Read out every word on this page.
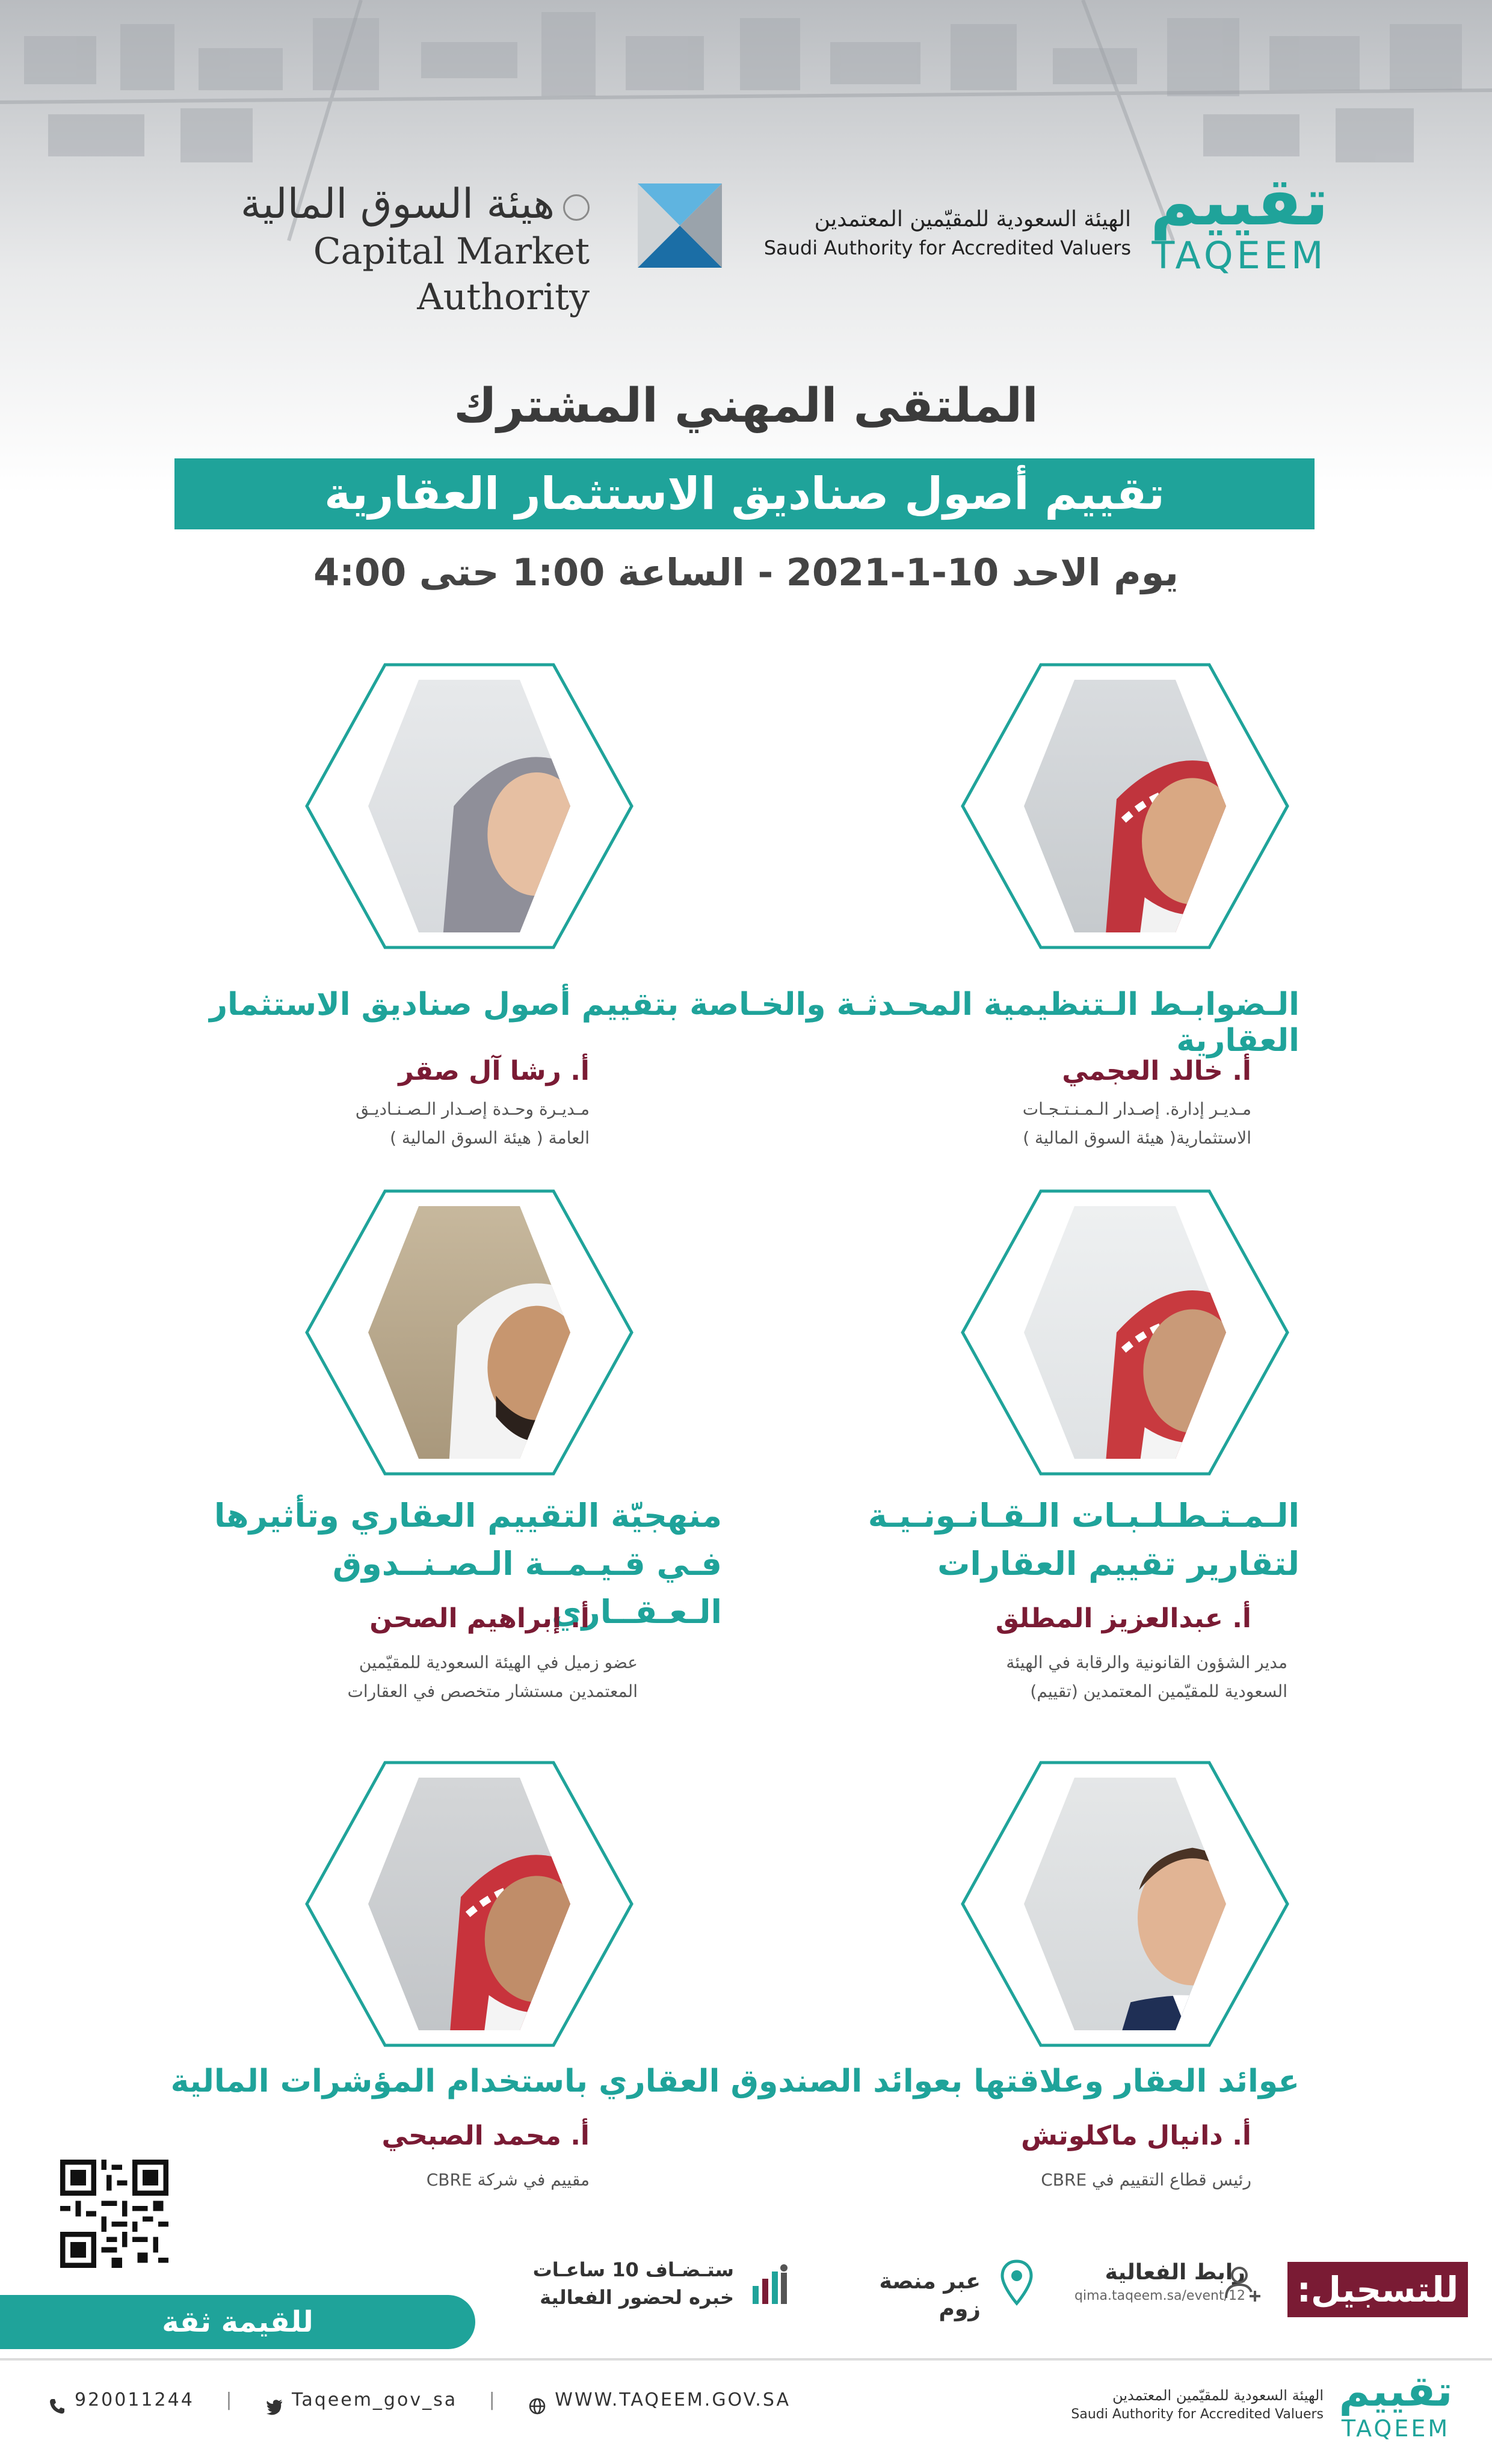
تقييم
TAQEEM
الهيئة السعودية للمقيّمين المعتمدين
Saudi Authority for Accredited Valuers
هيئة السوق المالية
Capital Market Authority
الملتقى المهني المشترك
تقييم أصول صناديق الاستثمار العقارية
يوم الاحد 10-1-2021 - الساعة 1:00 حتى 4:00
الـضوابـط الـتنظيمية المحـدثـة والخـاصة بتقييم أصول صناديق الاستثمار العقارية
أ. خالد العجمي
مـديـر إدارة. إصـدار الـمـنـتـجـات
الاستثمارية( هيئة السوق المالية )
أ. رشا آل صقر
مـديـرة وحـدة إصـدار الـصـنـاديـق
العامة ( هيئة السوق المالية )
الـمـتـطـلـبـات الـقـانـونـيـة
لتقارير تقييم العقارات
منهجيّة التقييم العقاري وتأثيرها
فـي قـيـمــة الـصـنــدوق الـعـقــاري	أ. عبدالعزيز المطلق
مدير الشؤون القانونية والرقابة في الهيئة
السعودية للمقيّمين المعتمدين (تقييم)
أ. إبراهيم الصحن
عضو زميل في الهيئة السعودية للمقيّمين
المعتمدين مستشار متخصص في العقارات
عوائد العقار وعلاقتها بعوائد الصندوق العقاري باستخدام المؤشرات المالية
أ. دانيال ماكلوتش
رئيس قطاع التقييم في CBRE
أ. محمد الصبحي
مقييم في شركة CBRE
للقيمة ثقة
للتسجيل:
رابط الفعالية
qima.taqeem.sa/event/12
عبر منصة زوم
ستـضـاف 10 ساعـات
خبره لحضور الفعالية
920011244 |	Taqeem_gov_sa |	WWW.TAQEEM.GOV.SA	الهيئة السعودية للمقيّمين المعتمدين
Saudi Authority for Accredited Valuers تقييم
TAQEEM
